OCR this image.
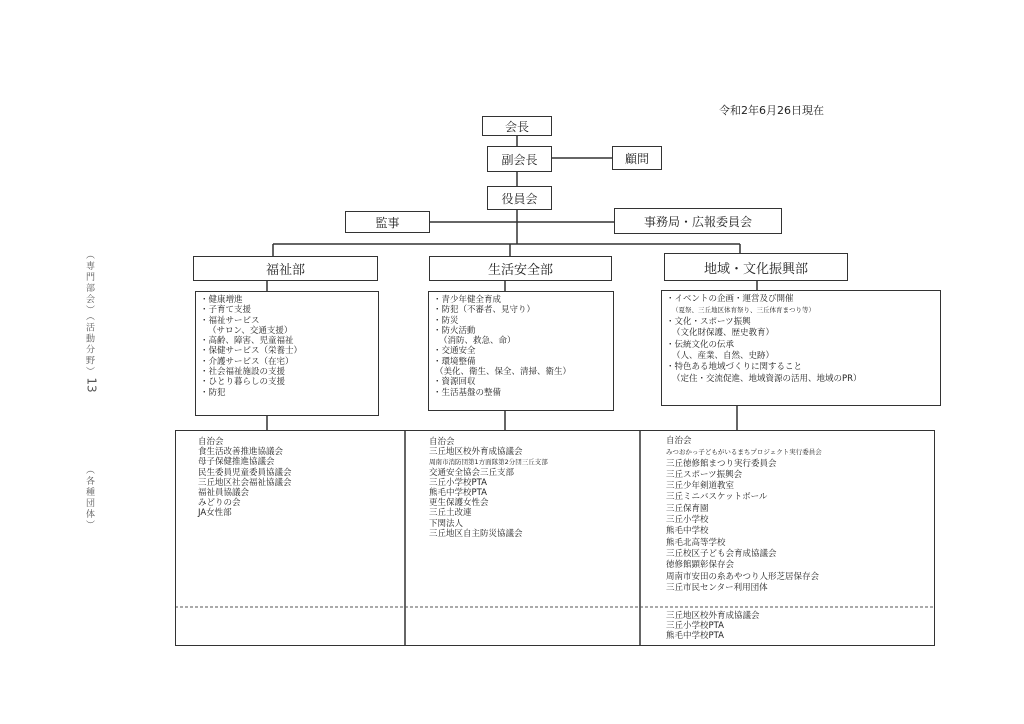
令和2年6月26日現在
（専門部会）（活動分野）
（各種団体）
13
会長
副会長	顧問
役員会
監事	事務局・広報委員会
福祉部	生活安全部	地域・文化振興部
・健康増進
・子育て支援
・福祉サービス
（サロン、交通支援）
・高齢、障害、児童福祉
・保健サービス（栄養士）
・介護サービス（在宅）
・社会福祉施設の支援
・ひとり暮らしの支援
・防犯
・青少年健全育成
・防犯（不審者、見守り）
・防災
・防火活動
（消防、救急、命）
・交通安全
・環境整備
（美化、衛生、保全、清掃、衛生）
・資源回収
・生活基盤の整備
・イベントの企画・運営及び開催
（夏祭、三丘地区体育祭り、三丘体育まつり等）
・文化・スポーツ振興
（文化財保護、歴史教育）
・伝統文化の伝承
（人、産業、自然、史跡）
・特色ある地域づくりに関すること
（定住・交流促進、地域資源の活用、地域のPR）
自治会
食生活改善推進協議会
母子保健推進協議会
民生委員児童委員協議会
三丘地区社会福祉協議会
福祉員協議会
みどりの会
JA女性部
自治会
三丘地区校外育成協議会
周南市消防団第1方面隊第2分団三丘支部
交通安全協会三丘支部
三丘小学校PTA
熊毛中学校PTA
更生保護女性会
三丘土改連
下関法人
三丘地区自主防災協議会
自治会
みつおかっ子どもがいるまちプロジェクト実行委員会
三丘徳修館まつり実行委員会
三丘スポーツ振興会
三丘少年剣道教室
三丘ミニバスケットボール
三丘保育園
三丘小学校
熊毛中学校
熊毛北高等学校
三丘校区子ども会育成協議会
徳修館顕彰保存会
周南市安田の糸あやつり人形芝居保存会
三丘市民センター利用団体
三丘地区校外育成協議会
三丘小学校PTA
熊毛中学校PTA
